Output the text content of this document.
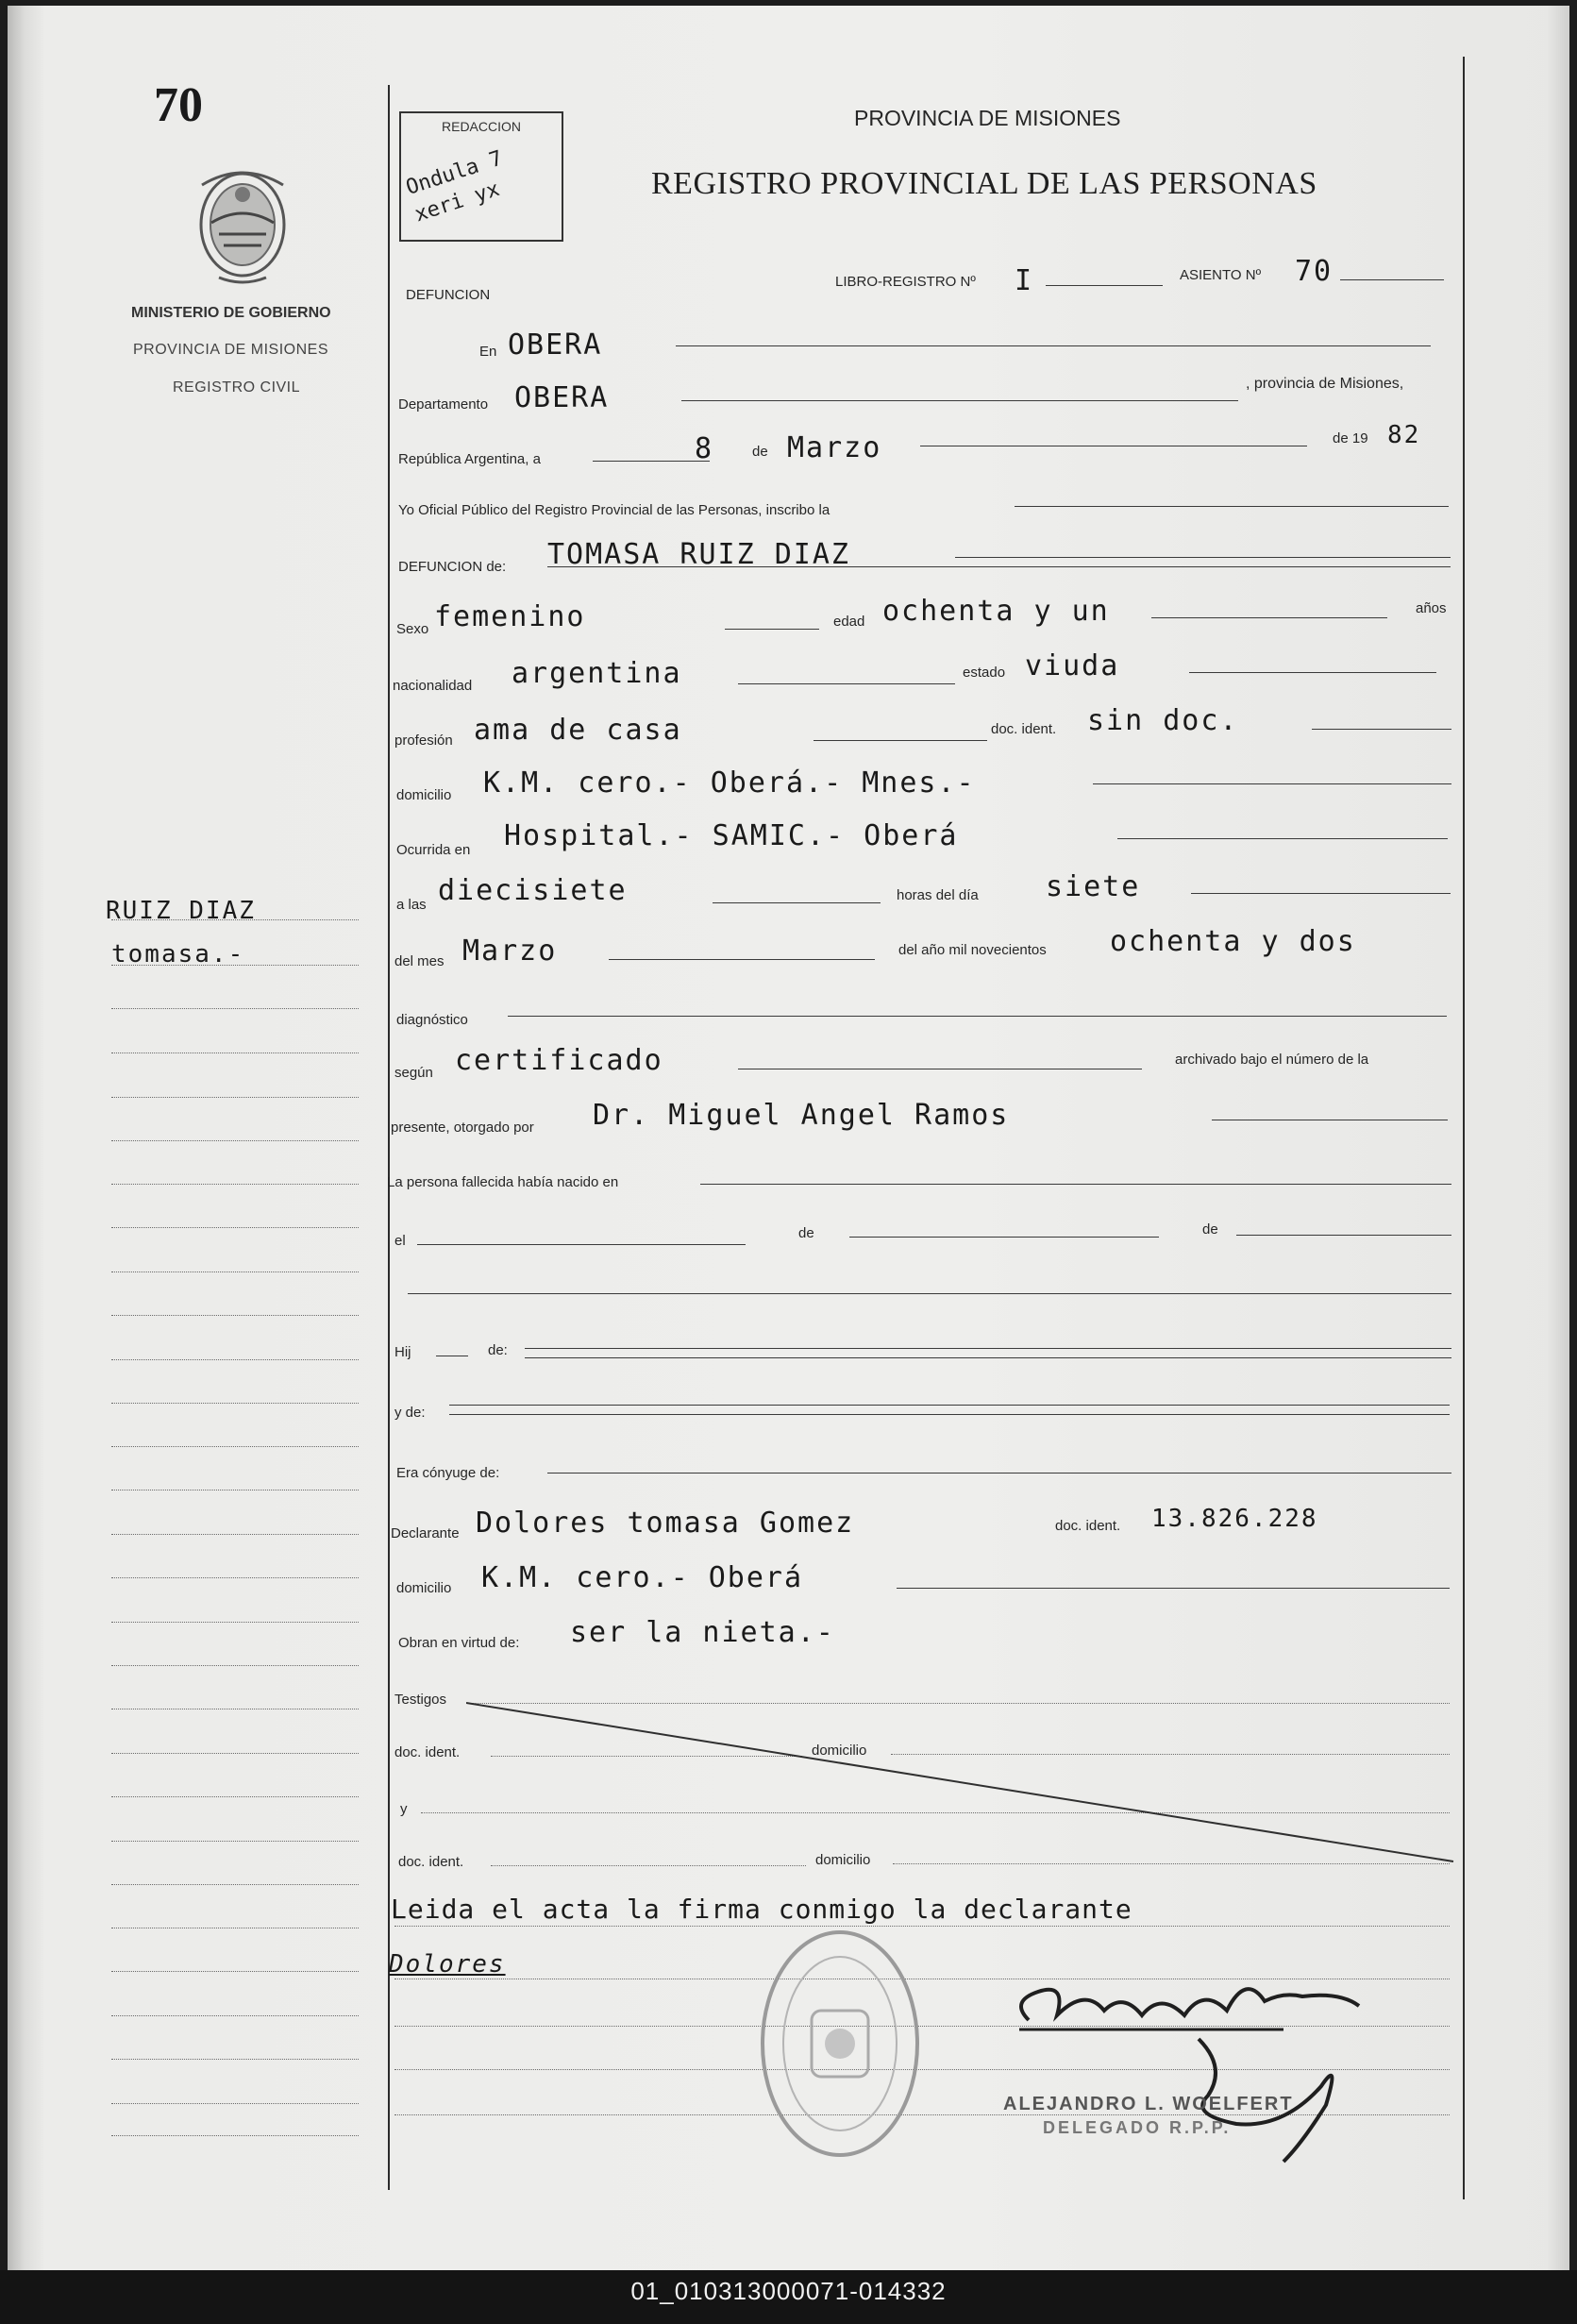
70
MINISTERIO DE GOBIERNO
PROVINCIA DE MISIONES
REGISTRO CIVIL
RUIZ DIAZ
tomasa.-
REDACCION
Ondula 7 xeri yx
PROVINCIA DE MISIONES
REGISTRO PROVINCIAL DE LAS PERSONAS
DEFUNCION
LIBRO-REGISTRO Nº I	ASIENTO Nº 70
En OBERA
Departamento OBERA	, provincia de Misiones,
República Argentina, a	8	de Marzo	de 19 82
Yo Oficial Público del Registro Provincial de las Personas, inscribo la
DEFUNCION de: TOMASA RUIZ DIAZ
Sexo femenino	edad ochenta y un	años
nacionalidad argentina	estado viuda
profesión ama de casa	doc. ident. sin doc.
domicilio K.M. cero.- Oberá.- Mnes.-
Ocurrida en Hospital.- SAMIC.- Oberá
a las diecisiete	horas del día siete
del mes Marzo	del año mil novecientos ochenta y dos
diagnóstico
según certificado	archivado bajo el número de la
presente, otorgado por Dr. Miguel Angel Ramos
La persona fallecida había nacido en
el	de	de
Hij	de:
y de:
Era cónyuge de:
Declarante Dolores tomasa Gomez	doc. ident. 13.826.228
domicilio K.M. cero.- Oberá
Obran en virtud de: ser la nieta.-
Testigos
doc. ident.	domicilio
y
doc. ident.	domicilio
Leida el acta la firma conmigo la declarante
Dolores
ALEJANDRO L. WOELFERT
DELEGADO R.P.P.
01_010313000071-014332
